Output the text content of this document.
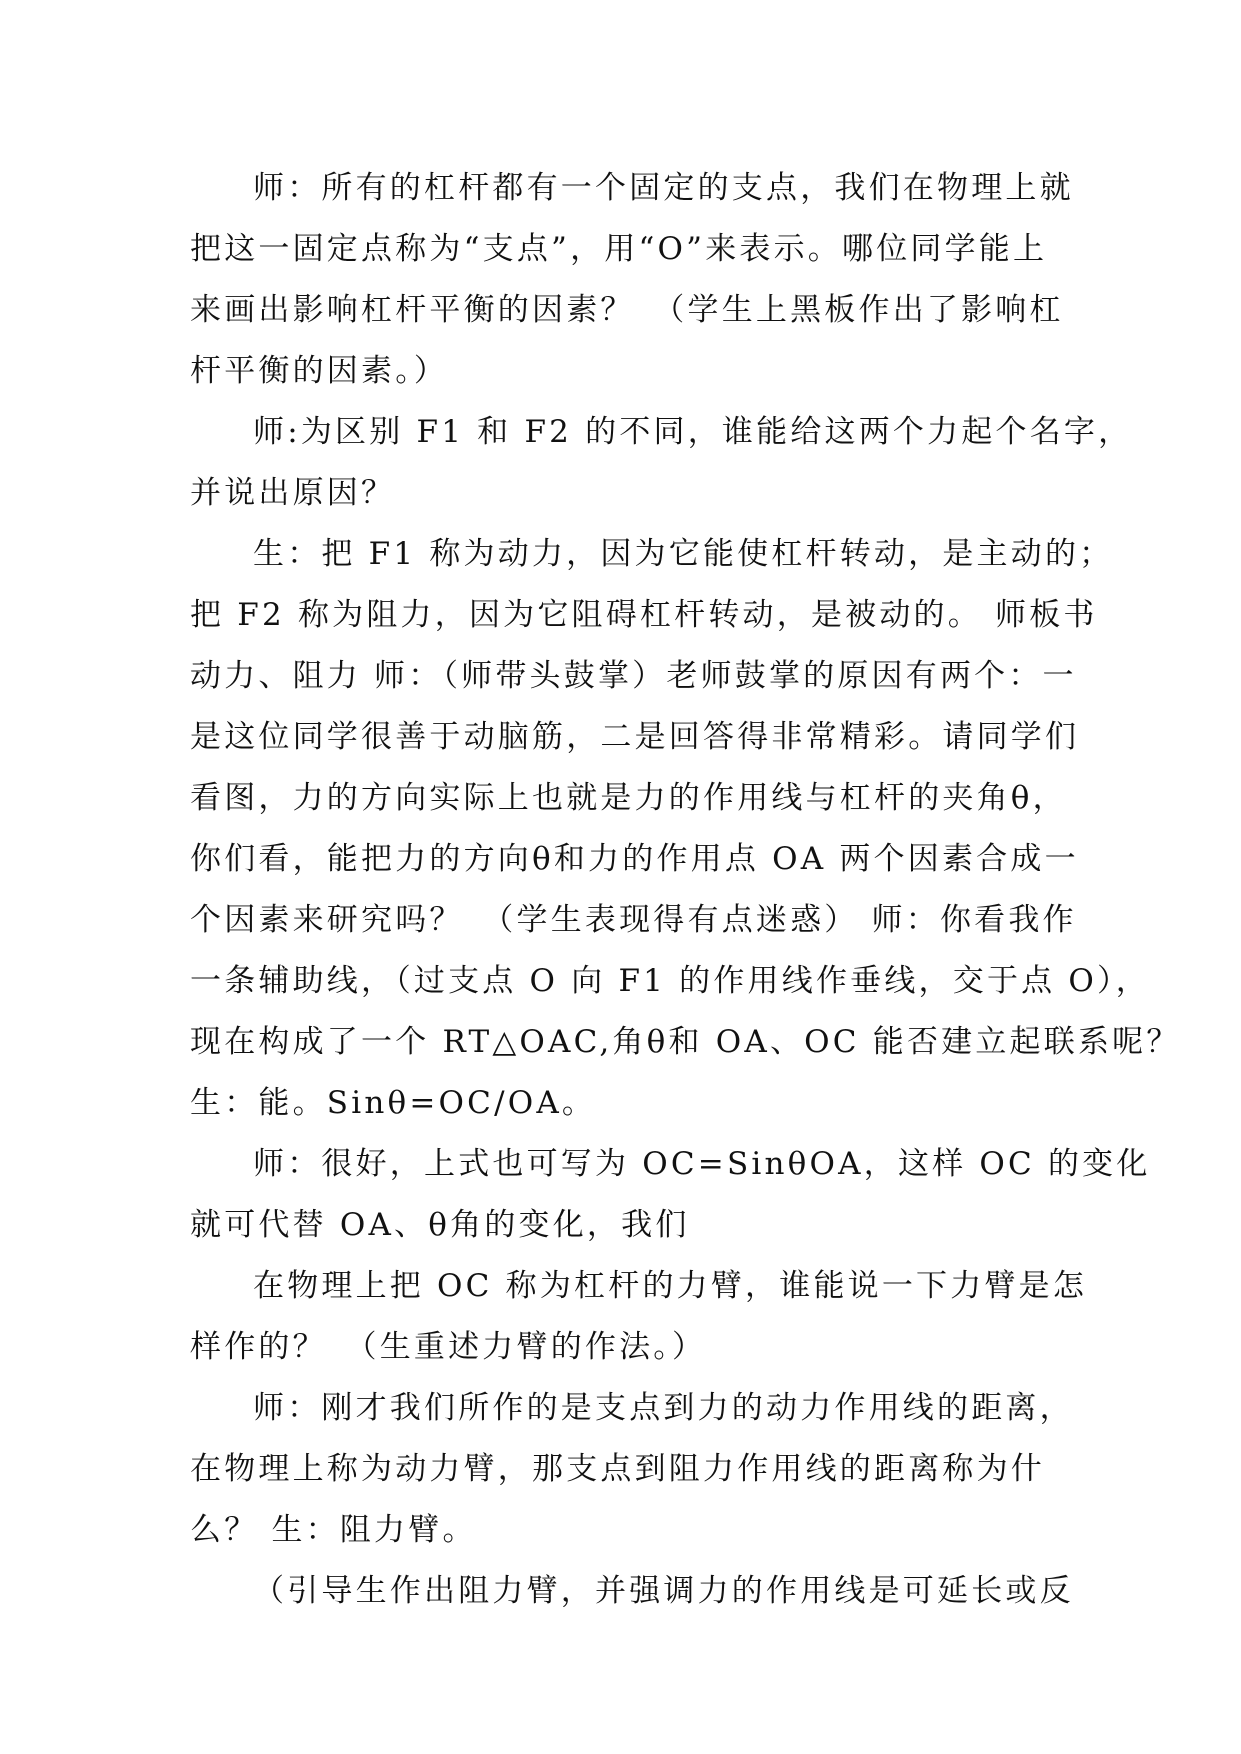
师：所有的杠杆都有一个固定的支点，我们在物理上就
把这一固定点称为“支点”，用“O”来表示。哪位同学能上
来画出影响杠杆平衡的因素？　（学生上黑板作出了影响杠
杆平衡的因素。）
师:为区别 F1 和 F2 的不同，谁能给这两个力起个名字，
并说出原因？
生：把 F1 称为动力，因为它能使杠杆转动，是主动的；
把 F2 称为阻力，因为它阻碍杠杆转动，是被动的。 师板书
动力、阻力 师：（师带头鼓掌）老师鼓掌的原因有两个：一
是这位同学很善于动脑筋，二是回答得非常精彩。请同学们
看图，力的方向实际上也就是力的作用线与杠杆的夹角θ，
你们看，能把力的方向θ和力的作用点 OA 两个因素合成一
个因素来研究吗？　（学生表现得有点迷惑） 师：你看我作
一条辅助线，（过支点 O 向 F1 的作用线作垂线，交于点 O），
现在构成了一个 RT△OAC,角θ和 OA、OC 能否建立起联系呢？
生：能。Sinθ=OC/OA。
师：很好，上式也可写为 OC=SinθOA，这样 OC 的变化
就可代替 OA、θ角的变化，我们
在物理上把 OC 称为杠杆的力臂，谁能说一下力臂是怎
样作的？　（生重述力臂的作法。）
师：刚才我们所作的是支点到力的动力作用线的距离，
在物理上称为动力臂，那支点到阻力作用线的距离称为什
么？ 生：阻力臂。
（引导生作出阻力臂，并强调力的作用线是可延长或反
